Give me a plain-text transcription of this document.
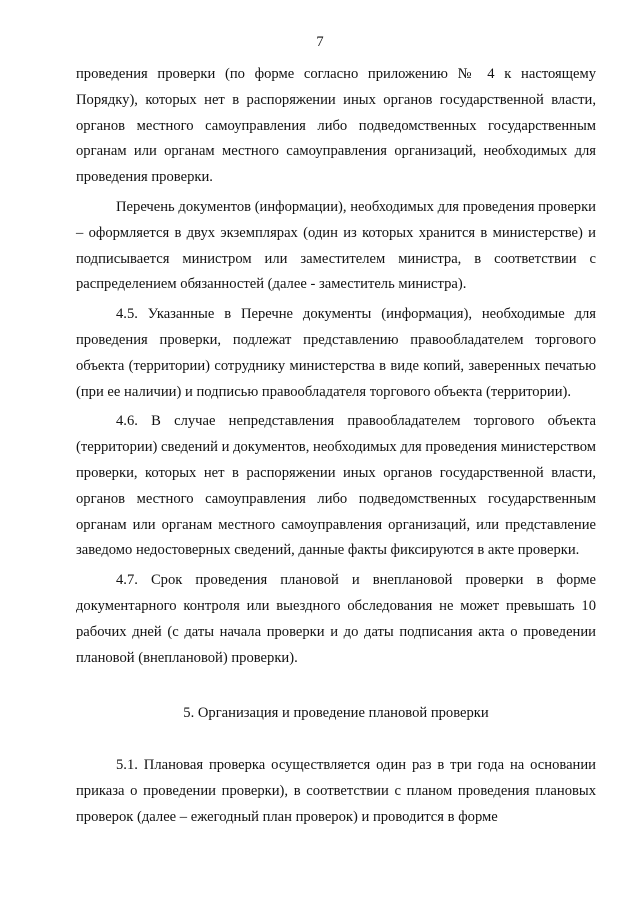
7

проведения проверки (по форме согласно приложению № 4 к настоящему Порядку), которых нет в распоряжении иных органов государственной власти, органов местного самоуправления либо подведомственных государственным органам или органам местного самоуправления организаций, необходимых для проведения проверки.

Перечень документов (информации), необходимых для проведения проверки – оформляется в двух экземплярах (один из которых хранится в министерстве) и подписывается министром или заместителем министра, в соответствии с распределением обязанностей (далее - заместитель министра).

4.5. Указанные в Перечне документы (информация), необходимые для проведения проверки, подлежат представлению правообладателем торгового объекта (территории) сотруднику министерства в виде копий, заверенных печатью (при ее наличии) и подписью правообладателя торгового объекта (территории).

4.6. В случае непредставления правообладателем торгового объекта (территории) сведений и документов, необходимых для проведения министерством проверки, которых нет в распоряжении иных органов государственной власти, органов местного самоуправления либо подведомственных государственным органам или органам местного самоуправления организаций, или представление заведомо недостоверных сведений, данные факты фиксируются в акте проверки.

4.7. Срок проведения плановой и внеплановой проверки в форме документарного контроля или выездного обследования не может превышать 10 рабочих дней (с даты начала проверки и до даты подписания акта о проведении плановой (внеплановой) проверки).

5. Организация и проведение плановой проверки

5.1. Плановая проверка осуществляется один раз в три года на основании приказа о проведении проверки), в соответствии с планом проведения плановых проверок (далее – ежегодный план проверок) и проводится в форме
